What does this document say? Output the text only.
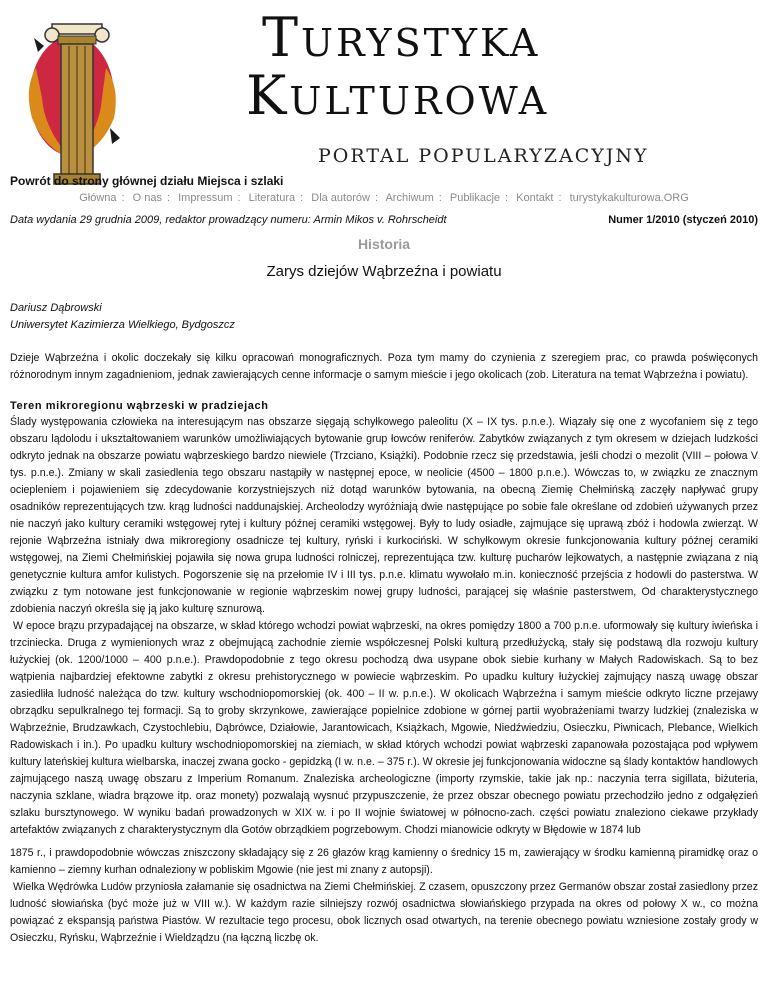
Turystyka
Kulturowa
PORTAL POPULARYZACYJNY
Powrót do strony głównej działu Miejsca i szlaki
Główna : O nas : Impressum : Literatura : Dla autorów : Archiwum : Publikacje : Kontakt : turystykakulturowa.ORG
Data wydania 29 grudnia 2009, redaktor prowadzący numeru: Armin Mikos v. Rohrscheidt	Numer 1/2010 (styczeń 2010)
Historia
Zarys dziejów Wąbrzeźna i powiatu
Dariusz Dąbrowski
Uniwersytet Kazimierza Wielkiego, Bydgoszcz
Dzieje Wąbrzeźna i okolic doczekały się kilku opracowań monograficznych. Poza tym mamy do czynienia z szeregiem prac, co prawda poświęconych różnorodnym innym zagadnieniom, jednak zawierających cenne informacje o samym mieście i jego okolicach (zob. Literatura na temat Wąbrzeźna i powiatu).
Teren mikroregionu wąbrzeski w pradziejach
Ślady występowania człowieka na interesującym nas obszarze sięgają schyłkowego paleolitu (X – IX tys. p.n.e.). Wiązały się one z wycofaniem się z tego obszaru lądolodu i ukształtowaniem warunków umożliwiających bytowanie grup łowców reniferów. Zabytków związanych z tym okresem w dziejach ludzkości odkryto jednak na obszarze powiatu wąbrzeskiego bardzo niewiele (Trzciano, Książki). Podobnie rzecz się przedstawia, jeśli chodzi o mezolit (VIII – połowa V tys. p.n.e.). Zmiany w skali zasiedlenia tego obszaru nastąpiły w następnej epoce, w neolicie (4500 – 1800 p.n.e.). Wówczas to, w związku ze znacznym ociepleniem i pojawieniem się zdecydowanie korzystniejszych niż dotąd warunków bytowania, na obecną Ziemię Chełmińską zaczęły napływać grupy osadników reprezentujących tzw. krąg ludności naddunajskiej. Archeolodzy wyróżniają dwie następujące po sobie fale określane od zdobień używanych przez nie naczyń jako kultury ceramiki wstęgowej rytej i kultury późnej ceramiki wstęgowej. Były to ludy osiadłe, zajmujące się uprawą zbóż i hodowla zwierząt. W rejonie Wąbrzeźna istniały dwa mikroregiony osadnicze tej kultury, ryński i kurkociński. W schyłkowym okresie funkcjonowania kultury późnej ceramiki wstęgowej, na Ziemi Chełmińskiej pojawiła się nowa grupa ludności rolniczej, reprezentująca tzw. kulturę pucharów lejkowatych, a następnie związana z nią genetycznie kultura amfor kulistych. Pogorszenie się na przełomie IV i III tys. p.n.e. klimatu wywołało m.in. konieczność przejścia z hodowli do pasterstwa. W związku z tym notowane jest funkcjonowanie w regionie wąbrzeskim nowej grupy ludności, parającej się właśnie pasterstwem, Od charakterystycznego zdobienia naczyń określa się ją jako kulturę sznurową.
W epoce brązu przypadającej na obszarze, w skład którego wchodzi powiat wąbrzeski, na okres pomiędzy 1800 a 700 p.n.e. uformowały się kultury iwieńska i trzciniecka. Druga z wymienionych wraz z obejmującą zachodnie ziemie współczesnej Polski kulturą przedłużycką, stały się podstawą dla rozwoju kultury łużyckiej (ok. 1200/1000 – 400 p.n.e.). Prawdopodobnie z tego okresu pochodzą dwa usypane obok siebie kurhany w Małych Radowiskach. Są to bez wątpienia najbardziej efektowne zabytki z okresu prehistorycznego w powiecie wąbrzeskim. Po upadku kultury łużyckiej zajmujący naszą uwagę obszar zasiedliła ludność należąca do tzw. kultury wschodniopomorskiej (ok. 400 – II w. p.n.e.). W okolicach Wąbrzeźna i samym mieście odkryto liczne przejawy obrządku sepulkralnego tej formacji. Są to groby skrzynkowe, zawierające popielnice zdobione w górnej partii wyobrażeniami twarzy ludzkiej (znaleziska w Wąbrzeźnie, Brudzawkach, Czystochlebiu, Dąbrówce, Działowie, Jarantowicach, Książkach, Mgowie, Niedźwiedziu, Osieczku, Piwnicach, Plebance, Wielkich Radowiskach i in.). Po upadku kultury wschodniopomorskiej na ziemiach, w skład których wchodzi powiat wąbrzeski zapanowała pozostająca pod wpływem kultury lateńskiej kultura wielbarska, inaczej zwana gocko - gepidzką (I w. n.e. – 375 r.). W okresie jej funkcjonowania widoczne są ślady kontaktów handlowych zajmującego naszą uwagę obszaru z Imperium Romanum. Znaleziska archeologiczne (importy rzymskie, takie jak np.: naczynia terra sigillata, biżuteria, naczynia szklane, wiadra brązowe itp. oraz monety) pozwalają wysnuć przypuszczenie, że przez obszar obecnego powiatu przechodziło jedno z odgałęzień szlaku bursztynowego. W wyniku badań prowadzonych w XIX w. i po II wojnie światowej w północno-zach. części powiatu znaleziono ciekawe przykłady artefaktów związanych z charakterystycznym dla Gotów obrządkiem pogrzebowym. Chodzi mianowicie odkryty w Błędowie w 1874 lub
1875 r., i prawdopodobnie wówczas zniszczony składający się z 26 głazów krąg kamienny o średnicy 15 m, zawierający w środku kamienną piramidkę oraz o kamienno – ziemny kurhan odnaleziony w pobliskim Mgowie (nie jest mi znany z autopsji).
Wielka Wędrówka Ludów przyniosła załamanie się osadnictwa na Ziemi Chełmińskiej. Z czasem, opuszczony przez Germanów obszar został zasiedlony przez ludność słowiańska (być może już w VIII w.). W każdym razie silniejszy rozwój osadnictwa słowiańskiego przypada na okres od połowy X w., co można powiązać z ekspansją państwa Piastów. W rezultacie tego procesu, obok licznych osad otwartych, na terenie obecnego powiatu wzniesione zostały grody w Osieczku, Ryńsku, Wąbrzeźnie i Wieldządzu (na łączną liczbę ok.
